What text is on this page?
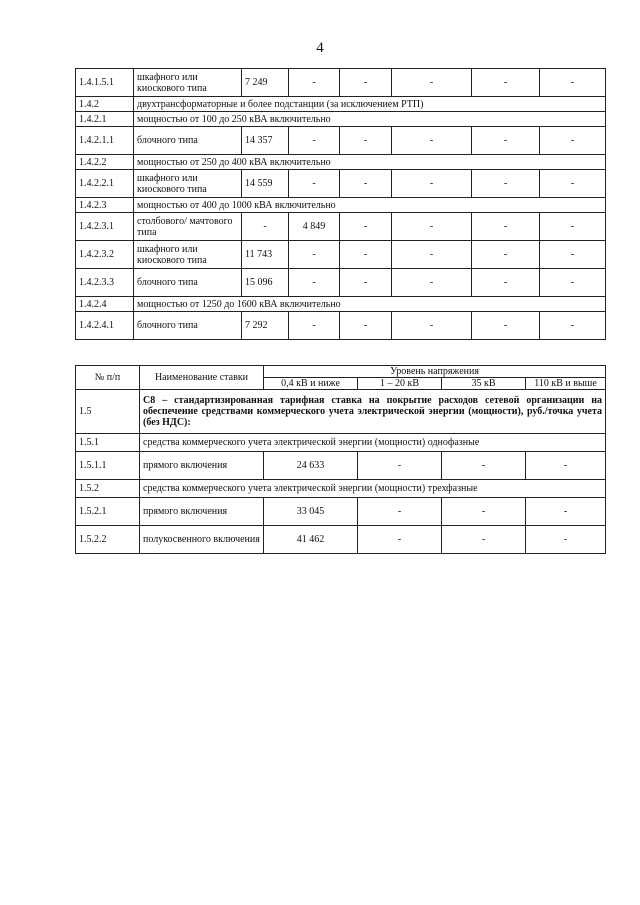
4
1.4.1.5.1	шкафного или киоскового типа	7 249	-	-	-	-	-
1.4.2	двухтрансформаторные и более подстанции (за исключением РТП)						
1.4.2.1	мощностью от 100 до 250 кВА включительно						
1.4.2.1.1	блочного типа	14 357	-	-	-	-	-
1.4.2.2	мощностью от 250 до 400 кВА включительно						
1.4.2.2.1	шкафного или киоскового типа	14 559	-	-	-	-	-
1.4.2.3	мощностью от 400 до 1000 кВА включительно						
1.4.2.3.1	столбового/ мачтового типа	-	4 849	-	-	-	-
1.4.2.3.2	шкафного или киоскового типа	11 743	-	-	-	-	-
1.4.2.3.3	блочного типа	15 096	-	-	-	-	-
1.4.2.4	мощностью от 1250 до 1600 кВА включительно						
1.4.2.4.1	блочного типа	7 292	-	-	-	-	-
№ п/п	Наименование ставки	Уровень напряжения			
		0,4 кВ и ниже	1 – 20 кВ	35 кВ	110 кВ и выше
1.5	С8 – стандартизированная тарифная ставка на покрытие расходов сетевой организации на обеспечение средствами коммерческого учета электрической энергии (мощности), руб./точка учета (без НДС):				
1.5.1	средства коммерческого учета электрической энергии (мощности) однофазные				
1.5.1.1	прямого включения	24 633	-	-	-
1.5.2	средства коммерческого учета электрической энергии (мощности) трехфазные				
1.5.2.1	прямого включения	33 045	-	-	-
1.5.2.2	полукосвенного включения	41 462	-	-	-
